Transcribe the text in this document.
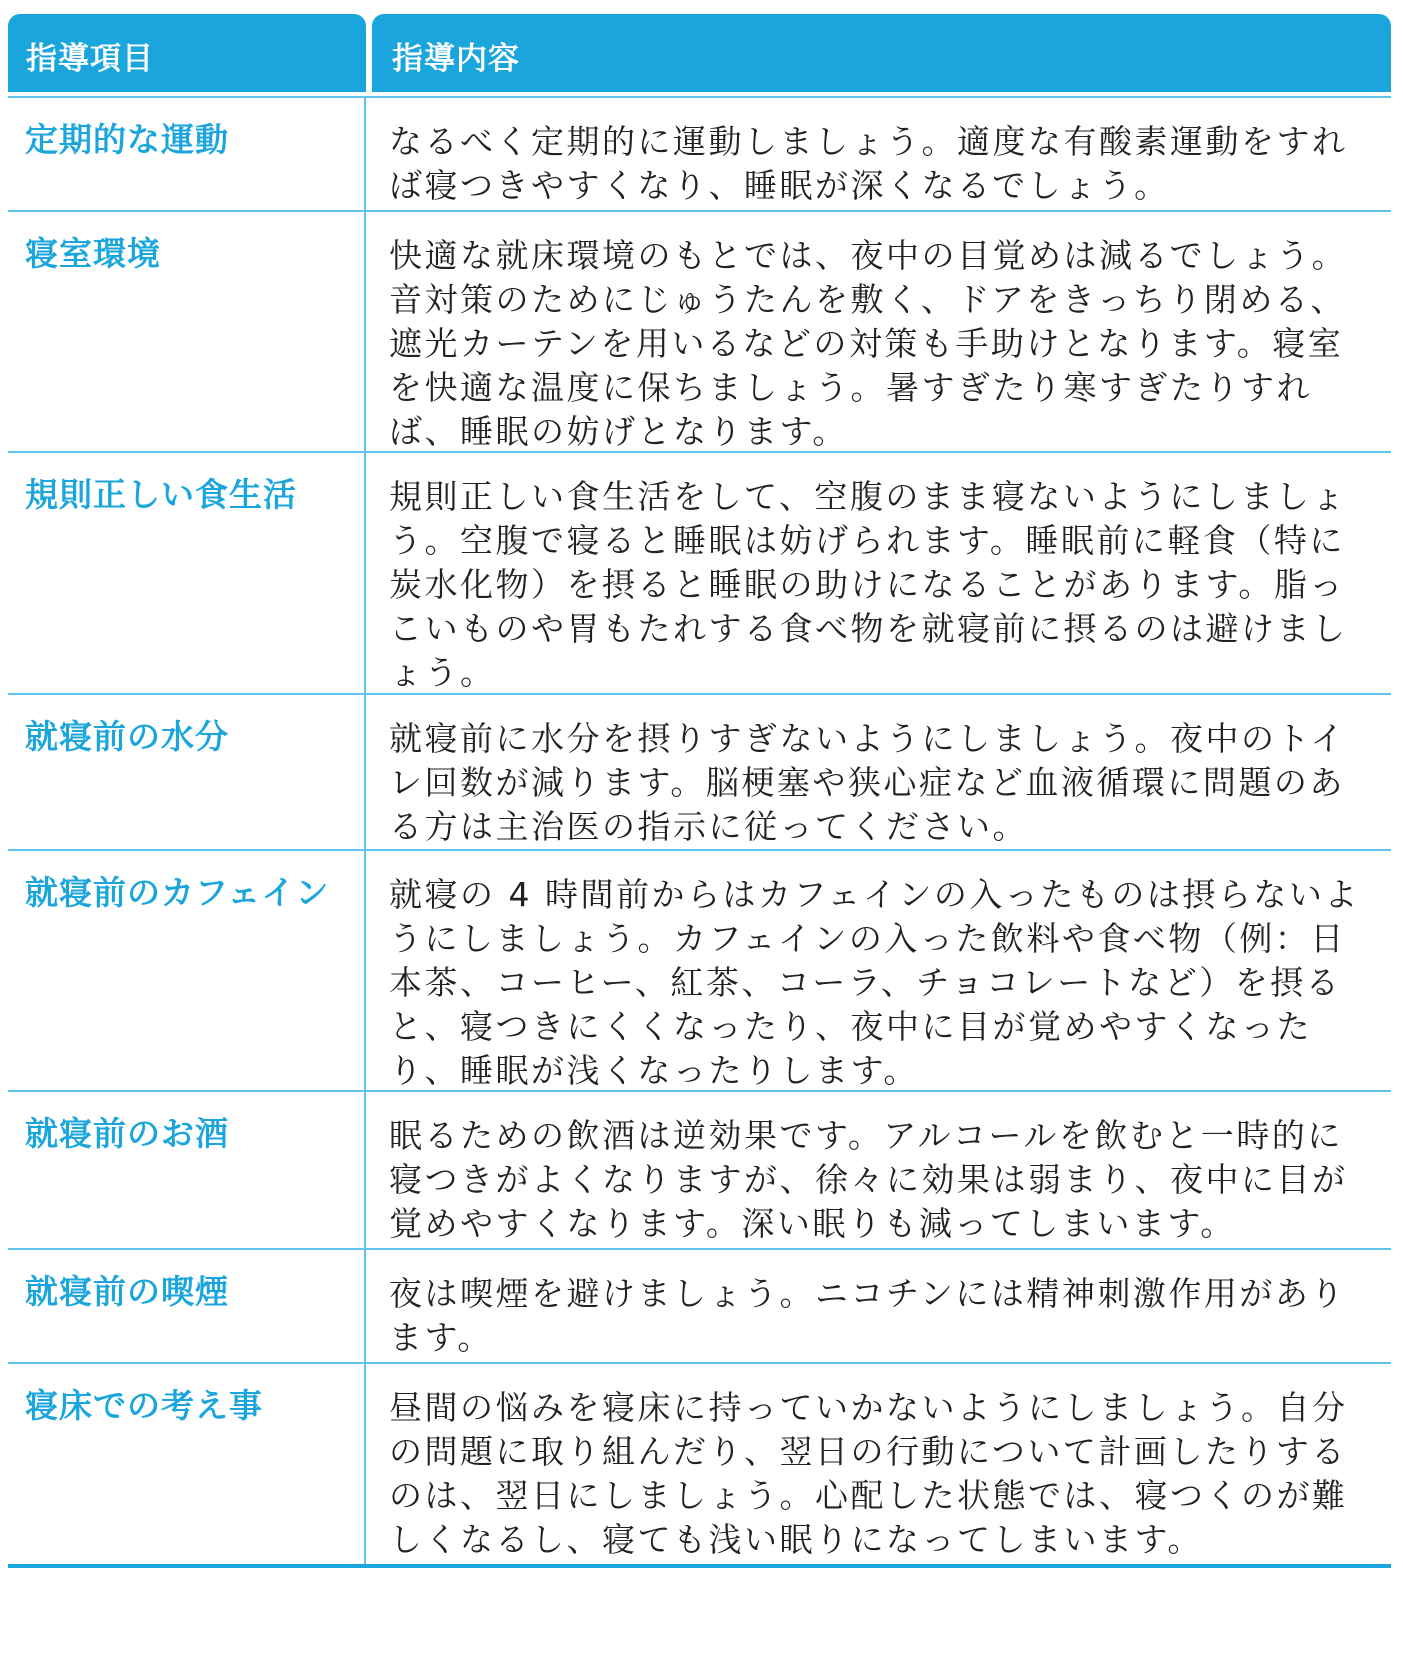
指導項目	指導内容
定期的な運動	なるべく定期的に運動しましょう。適度な有酸素運動をすれば寝つきやすくなり、睡眠が深くなるでしょう。
寝室環境	快適な就床環境のもとでは、夜中の目覚めは減るでしょう。音対策のためにじゅうたんを敷く、ドアをきっちり閉める、遮光カーテンを用いるなどの対策も手助けとなります。寝室を快適な温度に保ちましょう。暑すぎたり寒すぎたりすれば、睡眠の妨げとなります。
規則正しい食生活	規則正しい食生活をして、空腹のまま寝ないようにしましょう。空腹で寝ると睡眠は妨げられます。睡眠前に軽食（特に炭水化物）を摂ると睡眠の助けになることがあります。脂っこいものや胃もたれする食べ物を就寝前に摂るのは避けましょう。
就寝前の水分	就寝前に水分を摂りすぎないようにしましょう。夜中のトイレ回数が減ります。脳梗塞や狭心症など血液循環に問題のある方は主治医の指示に従ってください。
就寝前のカフェイン	就寝の 4 時間前からはカフェインの入ったものは摂らないようにしましょう。カフェインの入った飲料や食べ物（例：日本茶、コーヒー、紅茶、コーラ、チョコレートなど）を摂ると、寝つきにくくなったり、夜中に目が覚めやすくなったり、睡眠が浅くなったりします。
就寝前のお酒	眠るための飲酒は逆効果です。アルコールを飲むと一時的に寝つきがよくなりますが、徐々に効果は弱まり、夜中に目が覚めやすくなります。深い眠りも減ってしまいます。
就寝前の喫煙	夜は喫煙を避けましょう。ニコチンには精神刺激作用があります。
寝床での考え事	昼間の悩みを寝床に持っていかないようにしましょう。自分の問題に取り組んだり、翌日の行動について計画したりするのは、翌日にしましょう。心配した状態では、寝つくのが難しくなるし、寝ても浅い眠りになってしまいます。
